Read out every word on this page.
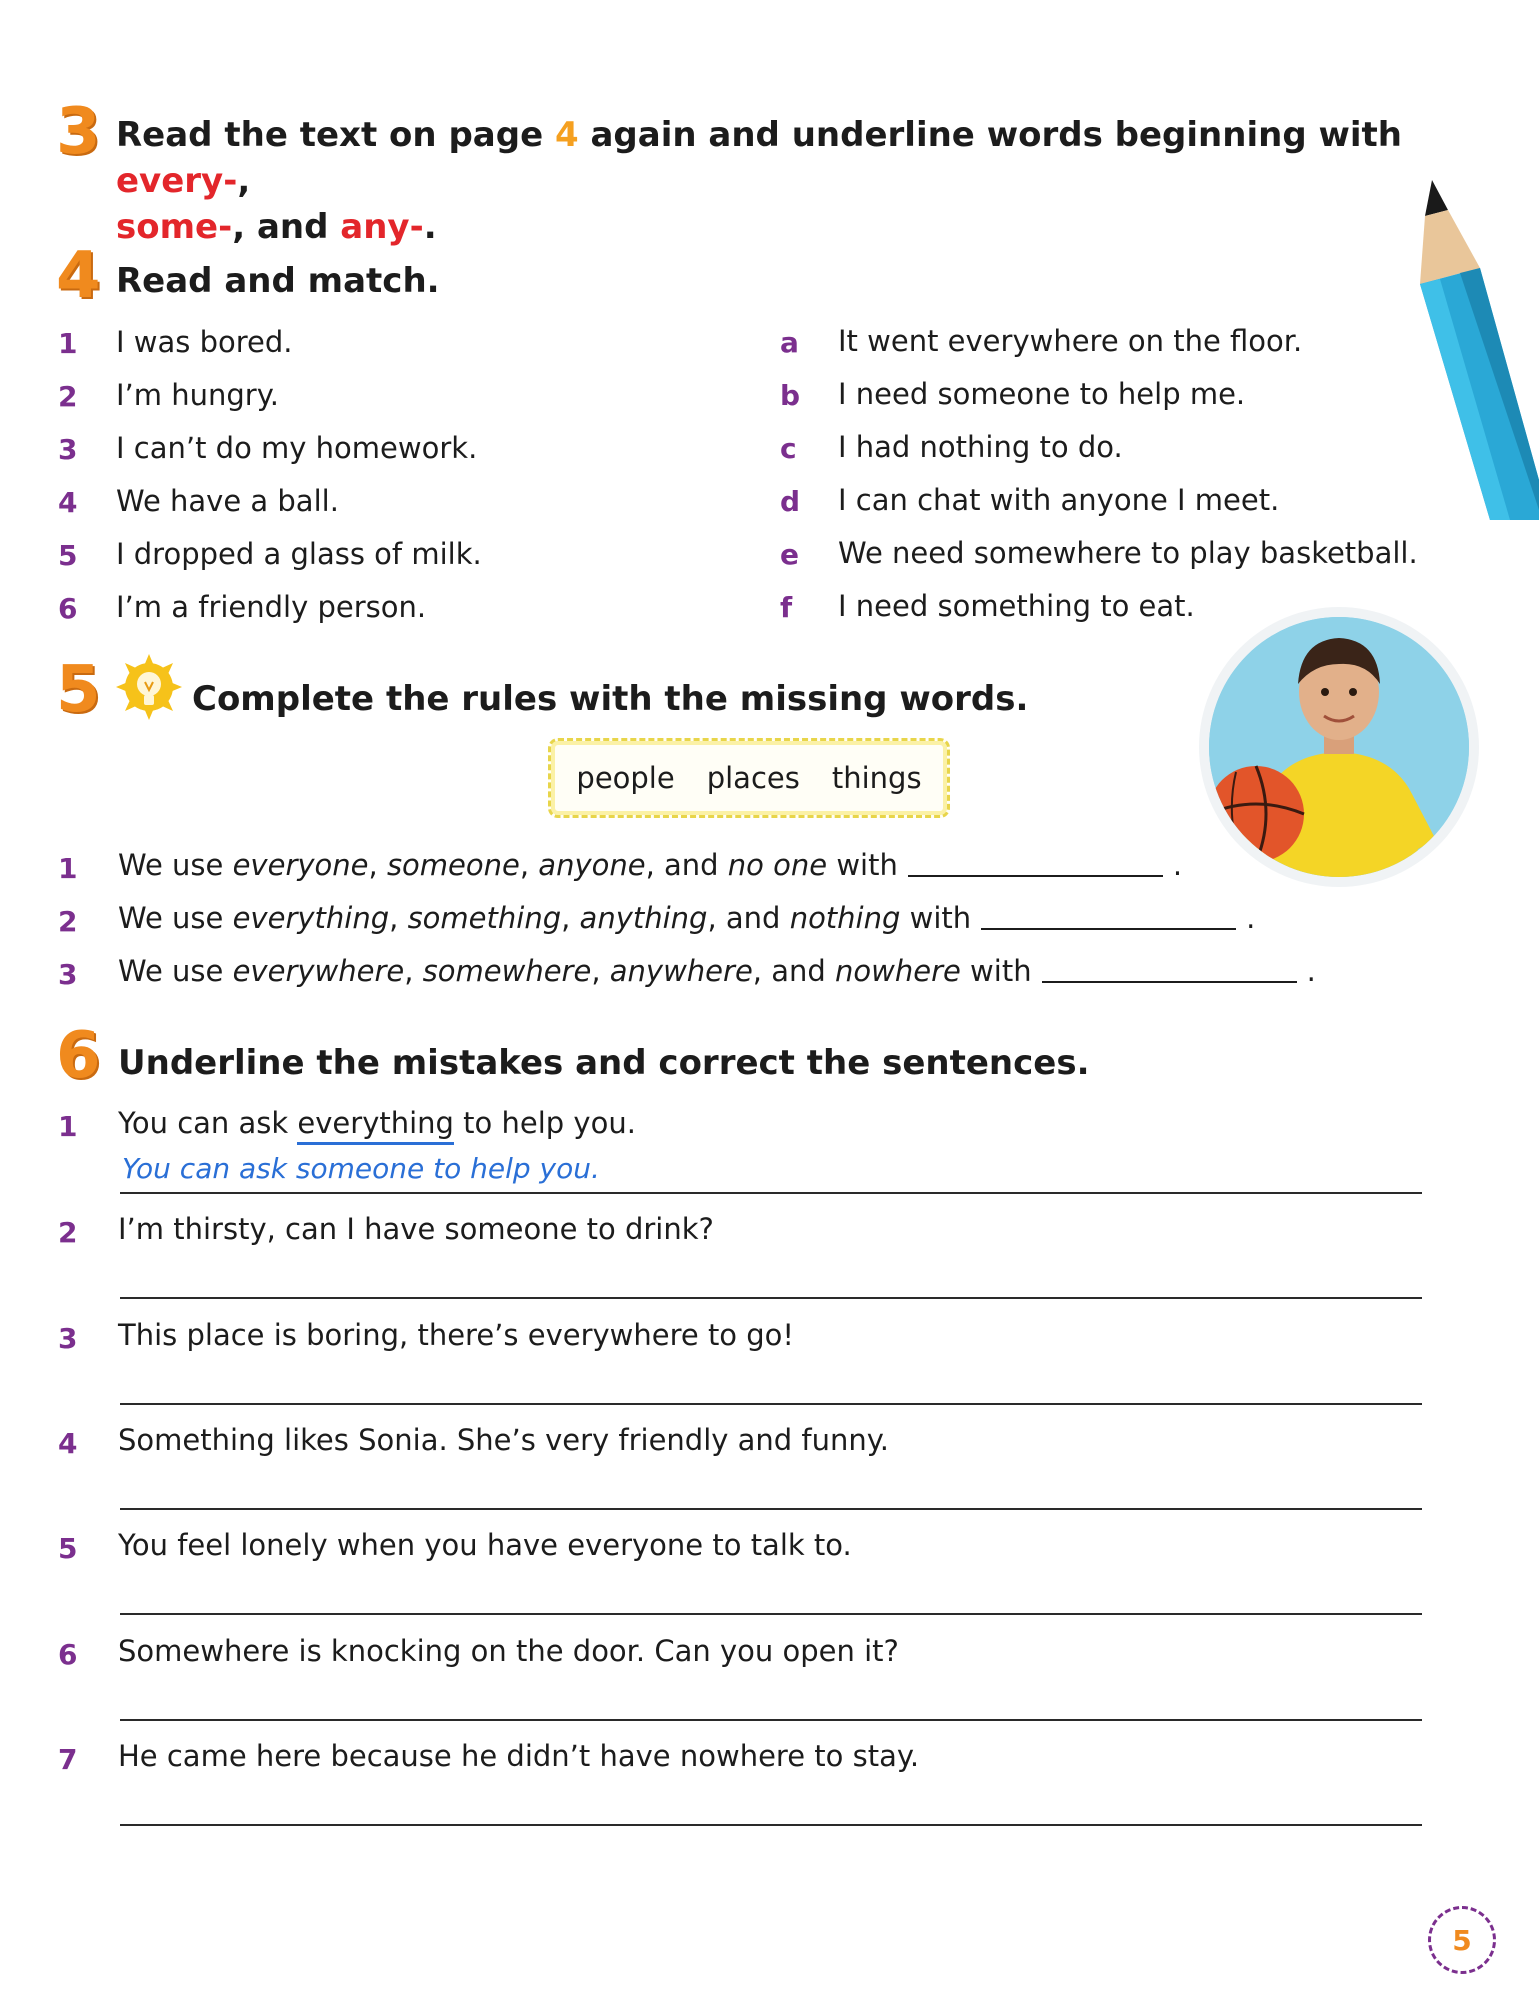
3 Read the text on page 4 again and underline words beginning with every-,
some-, and any-.
4 Read and match.
1 I was bored.
2 I’m hungry.
3 I can’t do my homework.
4 We have a ball.
5 I dropped a glass of milk.
6 I’m a friendly person.
a It went everywhere on the floor.
b I need someone to help me.
c I had nothing to do.
d I can chat with anyone I meet.
e We need somewhere to play basketball.
f I need something to eat.
5	Complete the rules with the missing words.
people places things
1 We use everyone, someone, anyone, and no one with	.
2 We use everything, something, anything, and nothing with	.
3 We use everywhere, somewhere, anywhere, and nowhere with	.
6 Underline the mistakes and correct the sentences.
1 You can ask everything to help you.
You can ask someone to help you.
2 I’m thirsty, can I have someone to drink?
3 This place is boring, there’s everywhere to go!
4 Something likes Sonia. She’s very friendly and funny.
5 You feel lonely when you have everyone to talk to.
6 Somewhere is knocking on the door. Can you open it?
7 He came here because he didn’t have nowhere to stay.
5
